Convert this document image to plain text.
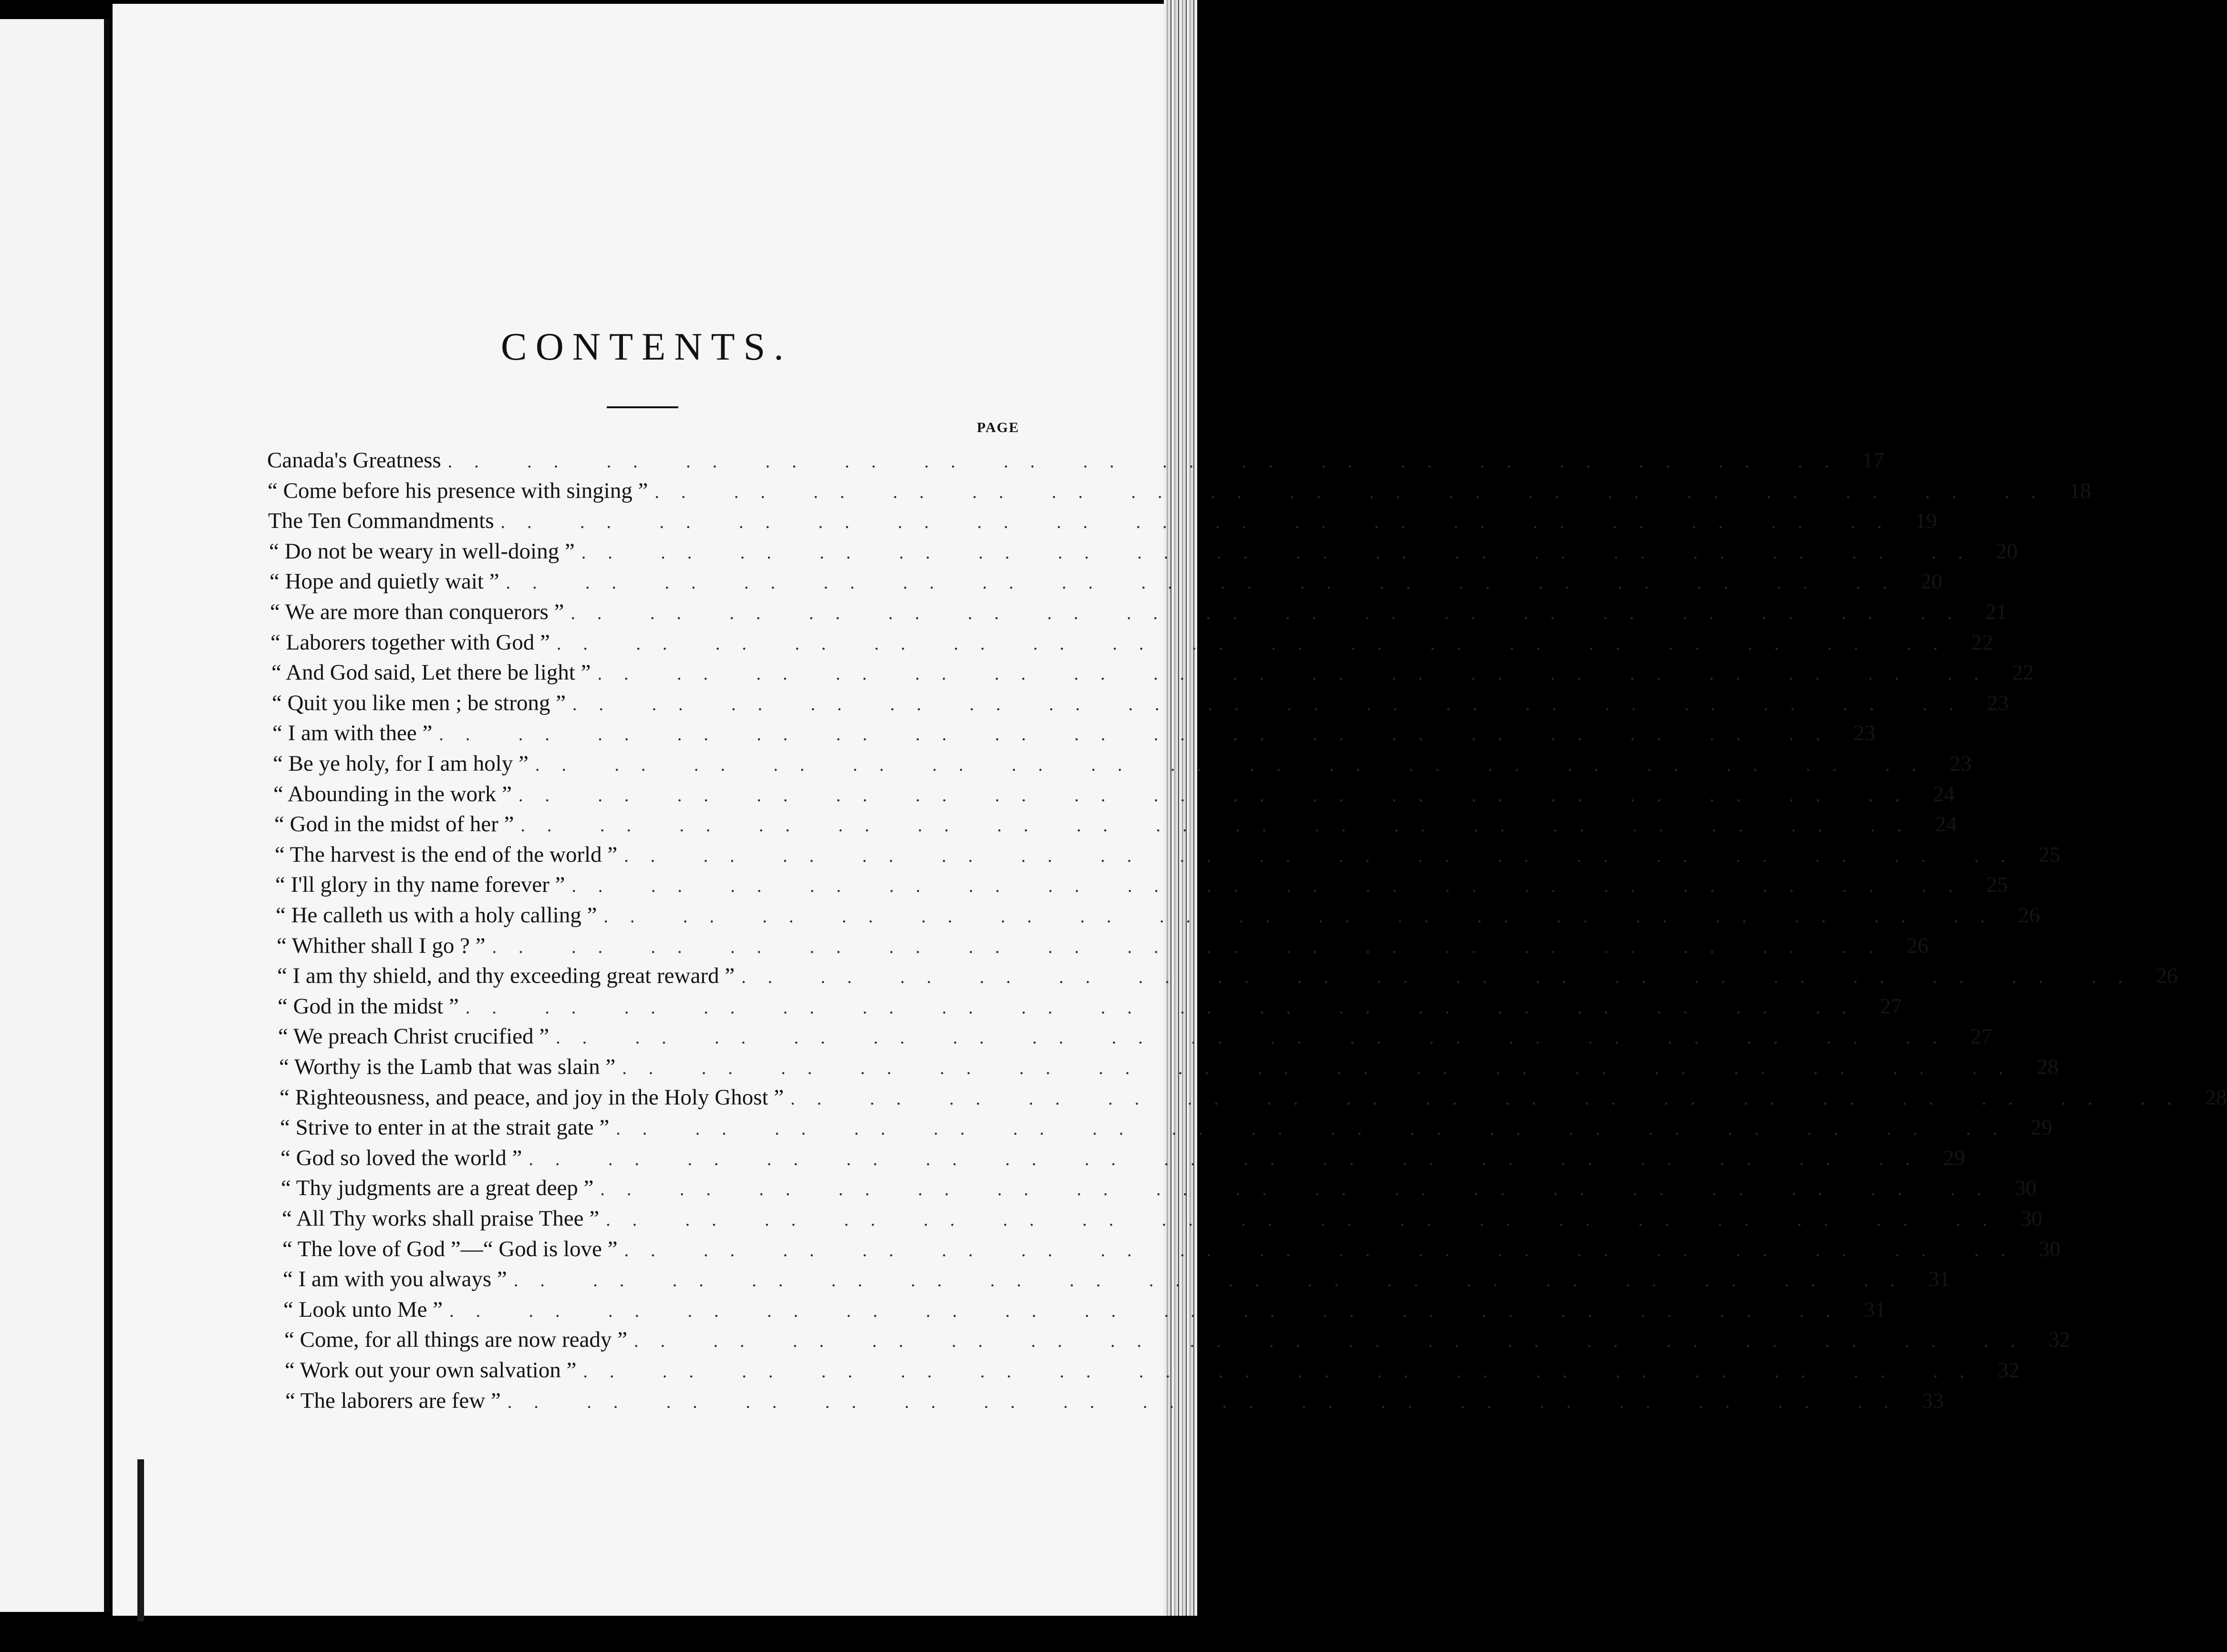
CONTENTS.
PAGE
Canada's Greatness .. .. .. .. .. .. .. .. .. .. .. .. .. .. .. .. .. .. 17
“ Come before his presence with singing ” .. .. .. .. .. .. .. .. .. .. .. .. .. .. .. .. .. .. 18
The Ten Commandments .. .. .. .. .. .. .. .. .. .. .. .. .. .. .. .. .. .. 19
“ Do not be weary in well-doing ” .. .. .. .. .. .. .. .. .. .. .. .. .. .. .. .. .. .. 20
“ Hope and quietly wait ” .. .. .. .. .. .. .. .. .. .. .. .. .. .. .. .. .. .. 20
“ We are more than conquerors ” .. .. .. .. .. .. .. .. .. .. .. .. .. .. .. .. .. .. 21
“ Laborers together with God ” .. .. .. .. .. .. .. .. .. .. .. .. .. .. .. .. .. .. 22
“ And God said, Let there be light ” .. .. .. .. .. .. .. .. .. .. .. .. .. .. .. .. .. .. 22
“ Quit you like men ; be strong ” .. .. .. .. .. .. .. .. .. .. .. .. .. .. .. .. .. .. 23
“ I am with thee ” .. .. .. .. .. .. .. .. .. .. .. .. .. .. .. .. .. .. 23
“ Be ye holy, for I am holy ” .. .. .. .. .. .. .. .. .. .. .. .. .. .. .. .. .. .. 23
“ Abounding in the work ” .. .. .. .. .. .. .. .. .. .. .. .. .. .. .. .. .. .. 24
“ God in the midst of her ” .. .. .. .. .. .. .. .. .. .. .. .. .. .. .. .. .. .. 24
“ The harvest is the end of the world ” .. .. .. .. .. .. .. .. .. .. .. .. .. .. .. .. .. .. 25
“ I'll glory in thy name forever ” .. .. .. .. .. .. .. .. .. .. .. .. .. .. .. .. .. .. 25
“ He calleth us with a holy calling ” .. .. .. .. .. .. .. .. .. .. .. .. .. .. .. .. .. .. 26
“ Whither shall I go ? ” .. .. .. .. .. .. .. .. .. .. .. .. .. .. .. .. .. .. 26
“ I am thy shield, and thy exceeding great reward ” .. .. .. .. .. .. .. .. .. .. .. .. .. .. .. .. .. .. 26
“ God in the midst ” .. .. .. .. .. .. .. .. .. .. .. .. .. .. .. .. .. .. 27
“ We preach Christ crucified ” .. .. .. .. .. .. .. .. .. .. .. .. .. .. .. .. .. .. 27
“ Worthy is the Lamb that was slain ” .. .. .. .. .. .. .. .. .. .. .. .. .. .. .. .. .. .. 28
“ Righteousness, and peace, and joy in the Holy Ghost ” .. .. .. .. .. .. .. .. .. .. .. .. .. .. .. .. .. .. 28
“ Strive to enter in at the strait gate ” .. .. .. .. .. .. .. .. .. .. .. .. .. .. .. .. .. .. 29
“ God so loved the world ” .. .. .. .. .. .. .. .. .. .. .. .. .. .. .. .. .. .. 29
“ Thy judgments are a great deep ” .. .. .. .. .. .. .. .. .. .. .. .. .. .. .. .. .. .. 30
“ All Thy works shall praise Thee ” .. .. .. .. .. .. .. .. .. .. .. .. .. .. .. .. .. .. 30
“ The love of God ”—“ God is love ” .. .. .. .. .. .. .. .. .. .. .. .. .. .. .. .. .. .. 30
“ I am with you always ” .. .. .. .. .. .. .. .. .. .. .. .. .. .. .. .. .. .. 31
“ Look unto Me ” .. .. .. .. .. .. .. .. .. .. .. .. .. .. .. .. .. .. 31
“ Come, for all things are now ready ” .. .. .. .. .. .. .. .. .. .. .. .. .. .. .. .. .. .. 32
“ Work out your own salvation ” .. .. .. .. .. .. .. .. .. .. .. .. .. .. .. .. .. .. 32
“ The laborers are few ” .. .. .. .. .. .. .. .. .. .. .. .. .. .. .. .. .. .. 33
